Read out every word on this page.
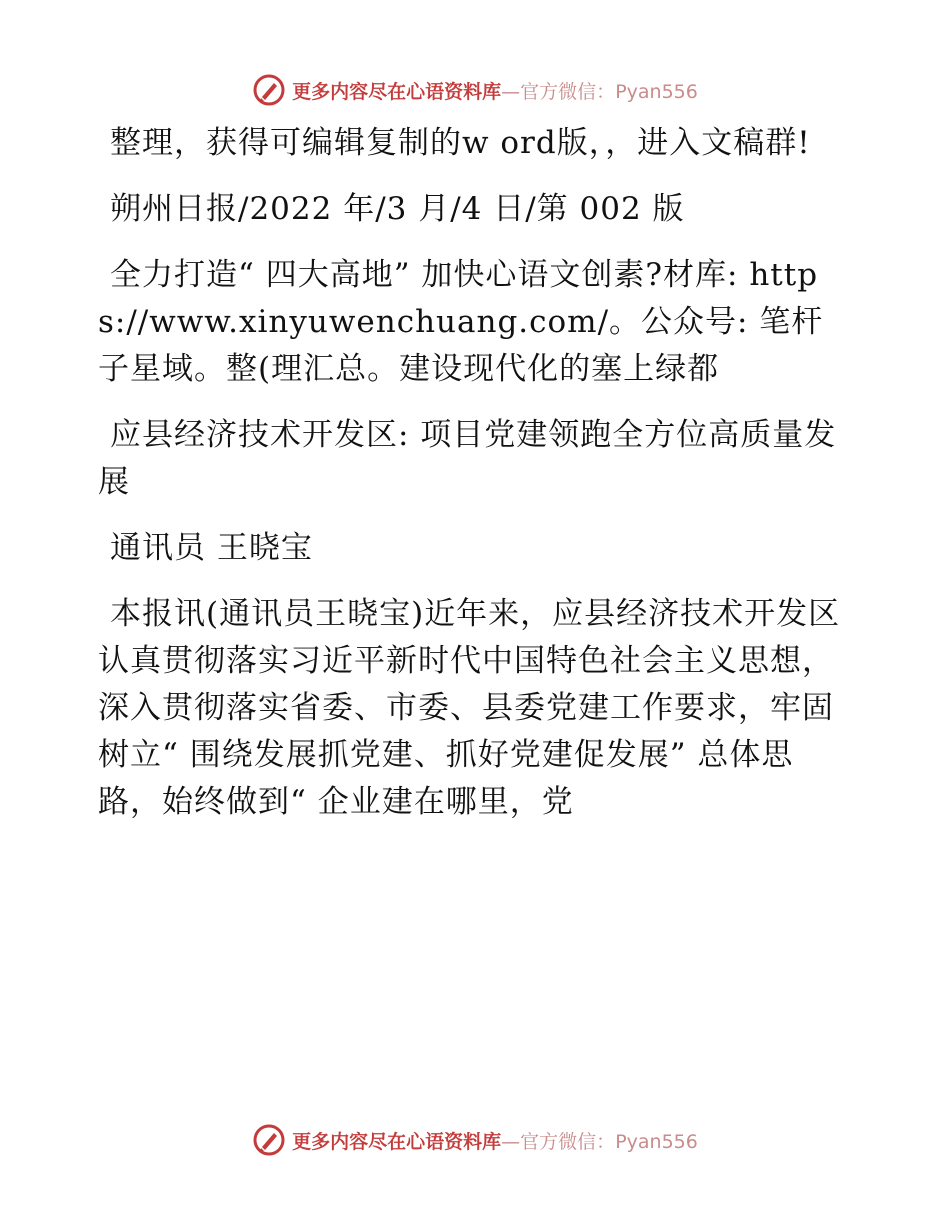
更多内容尽在心语资料库—官方微信：Pyan556

整理，获得可编辑复制的w ord版，，进入文稿群!

朔州日报/2022 年/3 月/4 日/第 002 版

全力打造“ 四大高地” 加快心语文创素?材库: https://www.xinyuwenchuang.com/。公众号: 笔杆子星域。整(理汇总。建设现代化的塞上绿都

应县经济技术开发区: 项目党建领跑全方位高质量发展

通讯员 王晓宝

本报讯(通讯员王晓宝)近年来，应县经济技术开发区认真贯彻落实习近平新时代中国特色社会主义思想，深入贯彻落实省委、市委、县委党建工作要求，牢固树立“ 围绕发展抓党建、抓好党建促发展” 总体思路，始终做到“ 企业建在哪里，党

更多内容尽在心语资料库—官方微信：Pyan556
